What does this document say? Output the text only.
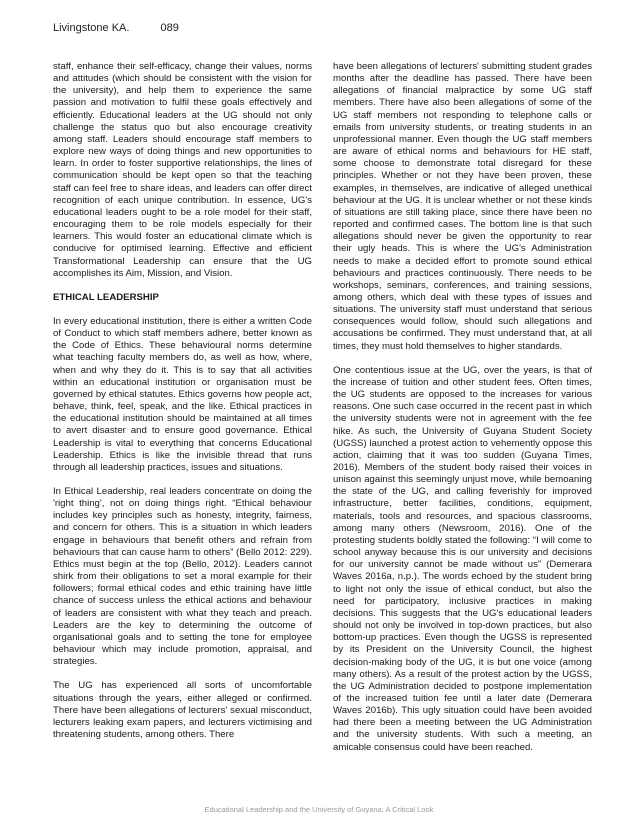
Livingstone KA.	089

staff, enhance their self-efficacy, change their values, norms and attitudes (which should be consistent with the vision for the university), and help them to experience the same passion and motivation to fulfil these goals effectively and efficiently. Educational leaders at the UG should not only challenge the status quo but also encourage creativity among staff. Leaders should encourage staff members to explore new ways of doing things and new opportunities to learn. In order to foster supportive relationships, the lines of communication should be kept open so that the teaching staff can feel free to share ideas, and leaders can offer direct recognition of each unique contribution. In essence, UG's educational leaders ought to be a role model for their staff, encouraging them to be role models especially for their learners. This would foster an educational climate which is conducive for optimised learning. Effective and efficient Transformational Leadership can ensure that the UG accomplishes its Aim, Mission, and Vision.

ETHICAL LEADERSHIP

In every educational institution, there is either a written Code of Conduct to which staff members adhere, better known as the Code of Ethics. These behavioural norms determine what teaching faculty members do, as well as how, where, when and why they do it. This is to say that all activities within an educational institution or organisation must be governed by ethical statutes. Ethics governs how people act, behave, think, feel, speak, and the like. Ethical practices in the educational institution should be maintained at all times to avert disaster and to ensure good governance. Ethical Leadership is vital to everything that concerns Educational Leadership. Ethics is like the invisible thread that runs through all leadership practices, issues and situations.

In Ethical Leadership, real leaders concentrate on doing the 'right thing', not on doing things right. “Ethical behaviour includes key principles such as honesty, integrity, fairness, and concern for others. This is a situation in which leaders engage in behaviours that benefit others and refrain from behaviours that can cause harm to others” (Bello 2012: 229). Ethics must begin at the top (Bello, 2012). Leaders cannot shirk from their obligations to set a moral example for their followers; formal ethical codes and ethic training have little chance of success unless the ethical actions and behaviour of leaders are consistent with what they teach and preach. Leaders are the key to determining the outcome of organisational goals and to setting the tone for employee behaviour which may include promotion, appraisal, and strategies.

The UG has experienced all sorts of uncomfortable situations through the years, either alleged or confirmed. There have been allegations of lecturers' sexual misconduct, lecturers leaking exam papers, and lecturers victimising and threatening students, among others. There

have been allegations of lecturers' submitting student grades months after the deadline has passed. There have been allegations of financial malpractice by some UG staff members. There have also been allegations of some of the UG staff members not responding to telephone calls or emails from university students, or treating students in an unprofessional manner. Even though the UG staff members are aware of ethical norms and behaviours for HE staff, some choose to demonstrate total disregard for these principles. Whether or not they have been proven, these examples, in themselves, are indicative of alleged unethical behaviour at the UG. It is unclear whether or not these kinds of situations are still taking place, since there have been no reported and confirmed cases. The bottom line is that such allegations should never be given the opportunity to rear their ugly heads. This is where the UG's Administration needs to make a decided effort to promote sound ethical behaviours and practices continuously. There needs to be workshops, seminars, conferences, and training sessions, among others, which deal with these types of issues and situations. The university staff must understand that serious consequences would follow, should such allegations and accusations be confirmed. They must understand that, at all times, they must hold themselves to higher standards.

One contentious issue at the UG, over the years, is that of the increase of tuition and other student fees. Often times, the UG students are opposed to the increases for various reasons. One such case occurred in the recent past in which the university students were not in agreement with the fee hike. As such, the University of Guyana Student Society (UGSS) launched a protest action to vehemently oppose this action, claiming that it was too sudden (Guyana Times, 2016). Members of the student body raised their voices in unison against this seemingly unjust move, while bemoaning the state of the UG, and calling feverishly for improved infrastructure, better facilities, conditions, equipment, materials, tools and resources, and spacious classrooms, among many others (Newsroom, 2016). One of the protesting students boldly stated the following: “I will come to school anyway because this is our university and decisions for our university cannot be made without us” (Demerara Waves 2016a, n.p.). The words echoed by the student bring to light not only the issue of ethical conduct, but also the need for participatory, inclusive practices in making decisions. This suggests that the UG's educational leaders should not only be involved in top-down practices, but also bottom-up practices. Even though the UGSS is represented by its President on the University Council, the highest decision-making body of the UG, it is but one voice (among many others). As a result of the protest action by the UGSS, the UG Administration decided to postpone implementation of the increased tuition fee until a later date (Demerara Waves 2016b). This ugly situation could have been avoided had there been a meeting between the UG Administration and the university students. With such a meeting, an amicable consensus could have been reached.

Educational Leadership and the University of Guyana: A Critical Look
